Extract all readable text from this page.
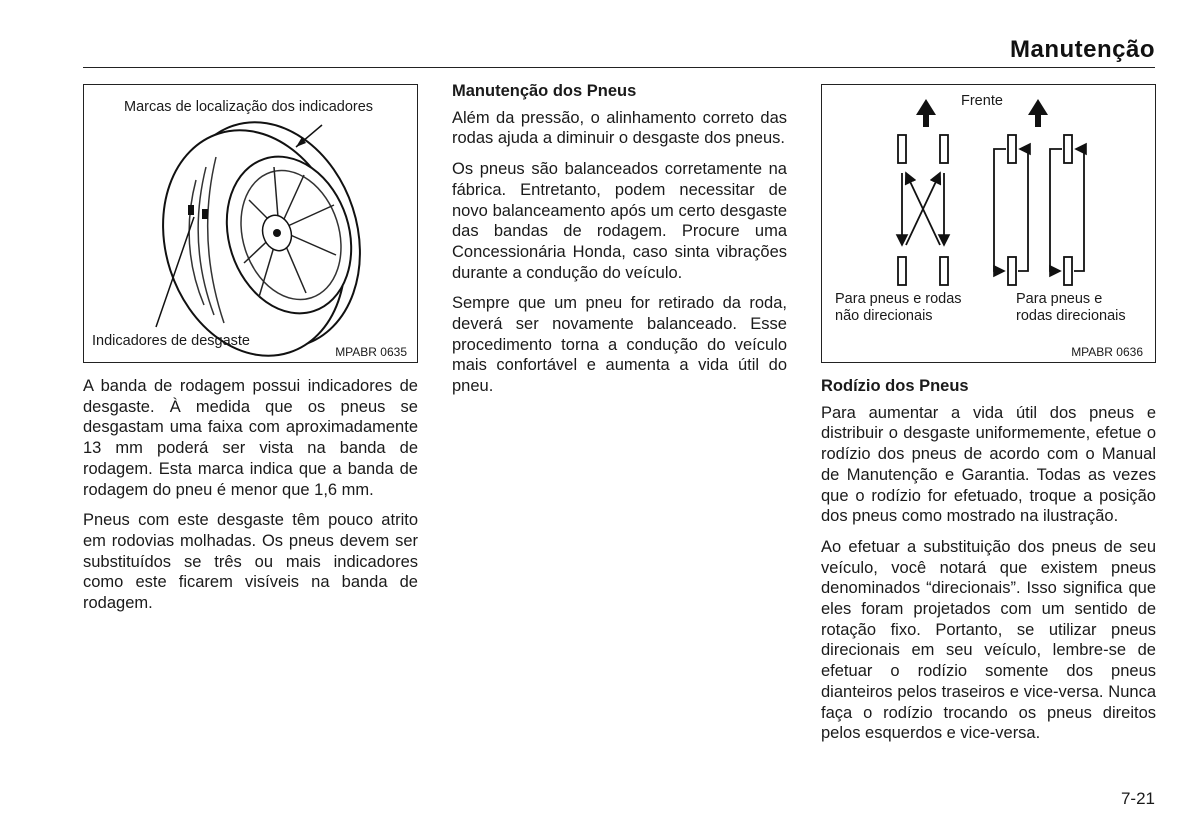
Manutenção
Marcas de localização dos indicadores
Indicadores de desgaste
MPABR 0635

A banda de rodagem possui indicadores de desgaste. À medida que os pneus se desgastam uma faixa com aproximadamente 13 mm poderá ser vista na banda de rodagem. Esta marca indica que a banda de rodagem do pneu é menor que 1,6 mm.

Pneus com este desgaste têm pouco atrito em rodovias molhadas. Os pneus devem ser substituídos se três ou mais indicadores como este ficarem visíveis na banda de rodagem.

Manutenção dos Pneus

Além da pressão, o alinhamento correto das rodas ajuda a diminuir o desgaste dos pneus.

Os pneus são balanceados corretamente na fábrica. Entretanto, podem necessitar de novo balanceamento após um certo desgaste das bandas de rodagem. Procure uma Concessionária Honda, caso sinta vibrações durante a condução do veículo.

Sempre que um pneu for retirado da roda, deverá ser novamente balanceado. Esse procedimento torna a condução do veículo mais confortável e aumenta a vida útil do pneu.

Frente
Para pneus e rodas
não direcionais
Para pneus e
rodas direcionais
MPABR 0636
Rodízio dos Pneus

Para aumentar a vida útil dos pneus e distribuir o desgaste uniformemente, efetue o rodízio dos pneus de acordo com o Manual de Manutenção e Garantia. Todas as vezes que o rodízio for efetuado, troque a posição dos pneus como mostrado na ilustração.

Ao efetuar a substituição dos pneus de seu veículo, você notará que existem pneus denominados “direcionais”. Isso significa que eles foram projetados com um sentido de rotação fixo. Portanto, se utilizar pneus direcionais em seu veículo, lembre-se de efetuar o rodízio somente dos pneus dianteiros pelos traseiros e vice-versa. Nunca faça o rodízio trocando os pneus direitos pelos esquerdos e vice-versa.

7-21
